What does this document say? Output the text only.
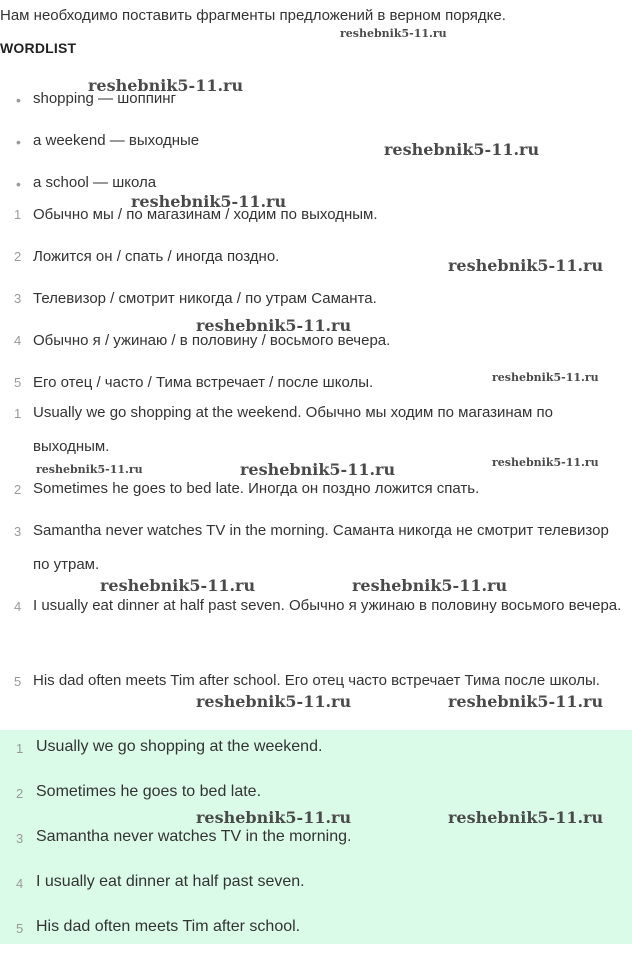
Нам необходимо поставить фрагменты предложений в верном порядке.
WORDLIST
• shopping — шоппинг
• a weekend — выходные
• a school — школа
1 Обычно мы / по магазинам / ходим по выходным.
2 Ложится он / спать / иногда поздно.
3 Телевизор / смотрит никогда / по утрам Саманта.
4 Обычно я / ужинаю / в половину / восьмого вечера.
5 Его отец / часто / Тима встречает / после школы.
1 Usually we go shopping at the weekend. Обычно мы ходим по магазинам по выходным.
2 Sometimes he goes to bed late. Иногда он поздно ложится спать.
3 Samantha never watches TV in the morning. Саманта никогда не смотрит телевизор по утрам.
4 I usually eat dinner at half past seven. Обычно я ужинаю в половину восьмого вечера.
5 His dad often meets Tim after school. Его отец часто встречает Тима после школы.
1 Usually we go shopping at the weekend.
2 Sometimes he goes to bed late.
3 Samantha never watches TV in the morning.
4 I usually eat dinner at half past seven.
5 His dad often meets Tim after school.
reshebnik5-11.ru
reshebnik5-11.ru
reshebnik5-11.ru
reshebnik5-11.ru
reshebnik5-11.ru
reshebnik5-11.ru
reshebnik5-11.ru
reshebnik5-11.ru	reshebnik5-11.ru	reshebnik5-11.ru
reshebnik5-11.ru	reshebnik5-11.ru
reshebnik5-11.ru	reshebnik5-11.ru
reshebnik5-11.ru	reshebnik5-11.ru
